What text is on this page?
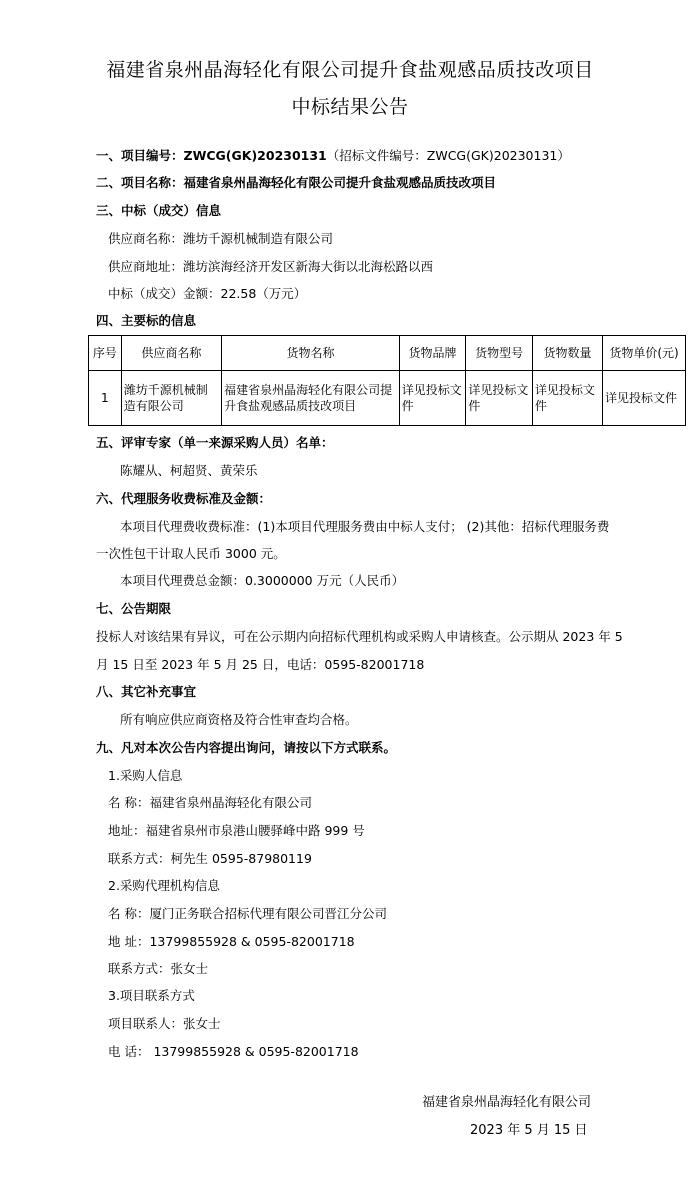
福建省泉州晶海轻化有限公司提升食盐观感品质技改项目
中标结果公告
一、项目编号：ZWCG(GK)20230131（招标文件编号：ZWCG(GK)20230131）
二、项目名称：福建省泉州晶海轻化有限公司提升食盐观感品质技改项目
三、中标（成交）信息
供应商名称：潍坊千源机械制造有限公司
供应商地址：潍坊滨海经济开发区新海大街以北海松路以西
中标（成交）金额：22.58（万元）
四、主要标的信息
序号	供应商名称	货物名称	货物品牌	货物型号	货物数量	货物单价(元)
1	潍坊千源机械制造有限公司	福建省泉州晶海轻化有限公司提升食盐观感品质技改项目	详见投标文件	详见投标文件	详见投标文件	详见投标文件
五、评审专家（单一来源采购人员）名单：
陈耀从、柯超贤、黄荣乐
六、代理服务收费标准及金额：
本项目代理费收费标准：(1)本项目代理服务费由中标人支付； (2)其他：招标代理服务费
一次性包干计取人民币 3000 元。
本项目代理费总金额：0.3000000 万元（人民币）
七、公告期限
投标人对该结果有异议，可在公示期内向招标代理机构或采购人申请核查。公示期从 2023 年 5
月 15 日至 2023 年 5 月 25 日，电话：0595-82001718
八、其它补充事宜
所有响应供应商资格及符合性审查均合格。
九、凡对本次公告内容提出询问，请按以下方式联系。
1.采购人信息
名 称：福建省泉州晶海轻化有限公司
地址：福建省泉州市泉港山腰驿峰中路 999 号
联系方式：柯先生 0595-87980119
2.采购代理机构信息
名 称：厦门正务联合招标代理有限公司晋江分公司
地 址：13799855928 & 0595-82001718
联系方式：张女士
3.项目联系方式
项目联系人：张女士
电 话： 13799855928 & 0595-82001718
福建省泉州晶海轻化有限公司
2023 年 5 月 15 日
